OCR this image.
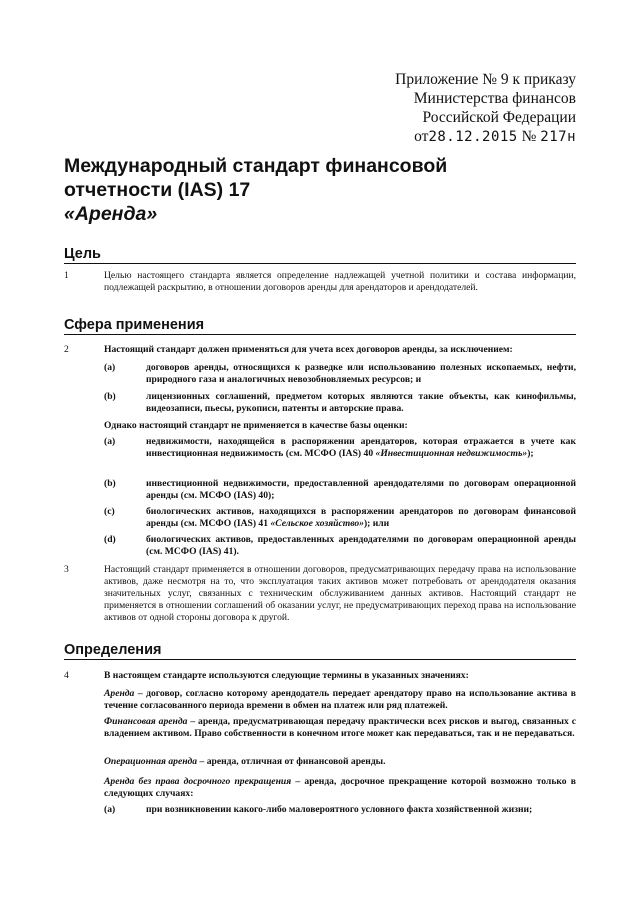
Приложение № 9 к приказу
Министерства финансов
Российской Федерации
от28.12.2015 № 217н
Международный стандарт финансовой
отчетности (IAS) 17
«Аренда»
Цель
1	Целью настоящего стандарта является определение надлежащей учетной политики и состава информации, подлежащей раскрытию, в отношении договоров аренды для арендаторов и арендодателей.
Сфера применения
2	Настоящий стандарт должен применяться для учета всех договоров аренды, за исключением:
(a)	договоров аренды, относящихся к разведке или использованию полезных ископаемых, нефти, природного газа и аналогичных невозобновляемых ресурсов; и
(b)	лицензионных соглашений, предметом которых являются такие объекты, как кинофильмы, видеозаписи, пьесы, рукописи, патенты и авторские права.
Однако настоящий стандарт не применяется в качестве базы оценки:
(a)	недвижимости, находящейся в распоряжении арендаторов, которая отражается в учете как инвестиционная недвижимость (см. МСФО (IAS) 40 «Инвестиционная недвижимость»);
(b)	инвестиционной недвижимости, предоставленной арендодателями по договорам операционной аренды (см. МСФО (IAS) 40);
(c)	биологических активов, находящихся в распоряжении арендаторов по договорам финансовой аренды (см. МСФО (IAS) 41 «Сельское хозяйство»); или
(d)	биологических активов, предоставленных арендодателями по договорам операционной аренды (см. МСФО (IAS) 41).
3	Настоящий стандарт применяется в отношении договоров, предусматривающих передачу права на использование активов, даже несмотря на то, что эксплуатация таких активов может потребовать от арендодателя оказания значительных услуг, связанных с техническим обслуживанием данных активов. Настоящий стандарт не применяется в отношении соглашений об оказании услуг, не предусматривающих переход права на использование активов от одной стороны договора к другой.
Определения
4	В настоящем стандарте используются следующие термины в указанных значениях:
Аренда – договор, согласно которому арендодатель передает арендатору право на использование актива в течение согласованного периода времени в обмен на платеж или ряд платежей.
Финансовая аренда – аренда, предусматривающая передачу практически всех рисков и выгод, связанных с владением активом. Право собственности в конечном итоге может как передаваться, так и не передаваться.
Операционная аренда – аренда, отличная от финансовой аренды.
Аренда без права досрочного прекращения – аренда, досрочное прекращение которой возможно только в следующих случаях:
(a)	при возникновении какого-либо маловероятного условного факта хозяйственной жизни;
